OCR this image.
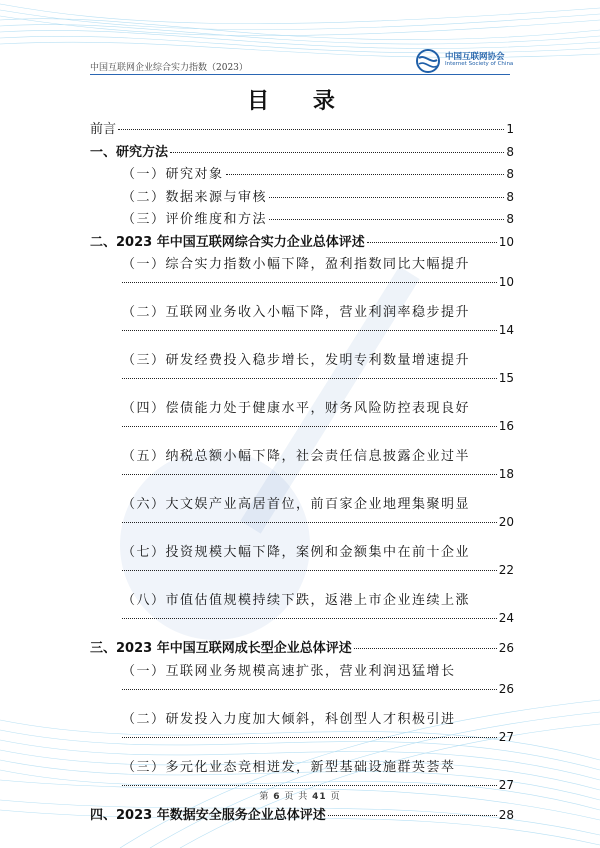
中国互联网企业综合实力指数（2023）
中国互联网协会
Internet Society of China
目 录
前言	1
一、研究方法	8
（一）研究对象	8
（二）数据来源与审核	8
（三）评价维度和方法	8
二、2023 年中国互联网综合实力企业总体评述	10
（一）综合实力指数小幅下降，盈利指数同比大幅提升
10
（二）互联网业务收入小幅下降，营业利润率稳步提升
14
（三）研发经费投入稳步增长，发明专利数量增速提升
15
（四）偿债能力处于健康水平，财务风险防控表现良好
16
（五）纳税总额小幅下降，社会责任信息披露企业过半
18
（六）大文娱产业高居首位，前百家企业地理集聚明显
20
（七）投资规模大幅下降，案例和金额集中在前十企业
22
（八）市值估值规模持续下跌，返港上市企业连续上涨
24
三、2023 年中国互联网成长型企业总体评述	26
（一）互联网业务规模高速扩张，营业利润迅猛增长
26
（二）研发投入力度加大倾斜，科创型人才积极引进
27
（三）多元化业态竞相迸发，新型基础设施群英荟萃
27
四、2023 年数据安全服务企业总体评述	28
第 6 页 共 41 页
